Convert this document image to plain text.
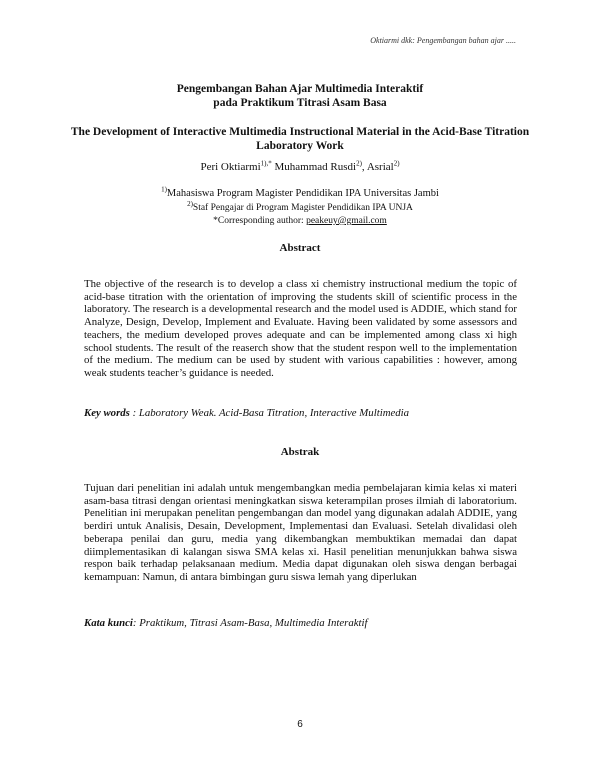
Oktiarmi dkk: Pengembangan bahan ajar .....
Pengembangan Bahan Ajar Multimedia Interaktif
pada Praktikum Titrasi Asam Basa
The Development of Interactive Multimedia Instructional Material in the Acid-Base Titration Laboratory Work
Peri Oktiarmi$^{1),*}$ Muhammad Rusdi$^{2)}$, Asrial$^{2)}$
$^{1)}$Mahasiswa Program Magister Pendidikan IPA Universitas Jambi
$^{2)}$Staf Pengajar di Program Magister Pendidikan IPA UNJA
*Corresponding author: peakeuy@gmail.com
Abstract
The objective of the research is to develop a class xi chemistry instructional medium the topic of acid-base titration with the orientation of improving the students skill of scientific process in the laboratory. The research is a developmental research and the model used is ADDIE, which stand for Analyze, Design, Develop, Implement and Evaluate. Having been validated by some assessors and teachers, the medium developed proves adequate and can be implemented among class xi high school students. The result of the reaserch show that the student respon well to the implementation of the medium. The medium can be used by student with various capabilities : however, among weak students teacher’s guidance is needed.
Key words : Laboratory Weak. Acid-Basa Titration, Interactive Multimedia
Abstrak
Tujuan dari penelitian ini adalah untuk mengembangkan media pembelajaran kimia kelas xi materi asam-basa titrasi dengan orientasi meningkatkan siswa keterampilan proses ilmiah di laboratorium. Penelitian ini merupakan penelitan pengembangan dan model yang digunakan adalah ADDIE, yang berdiri untuk Analisis, Desain, Development, Implementasi dan Evaluasi. Setelah divalidasi oleh beberapa penilai dan guru, media yang dikembangkan membuktikan memadai dan dapat diimplementasikan di kalangan siswa SMA kelas xi. Hasil penelitian menunjukkan bahwa siswa respon baik terhadap pelaksanaan medium. Media dapat digunakan oleh siswa dengan berbagai kemampuan: Namun, di antara bimbingan guru siswa lemah yang diperlukan
Kata kunci: Praktikum, Titrasi Asam-Basa, Multimedia Interaktif
6
